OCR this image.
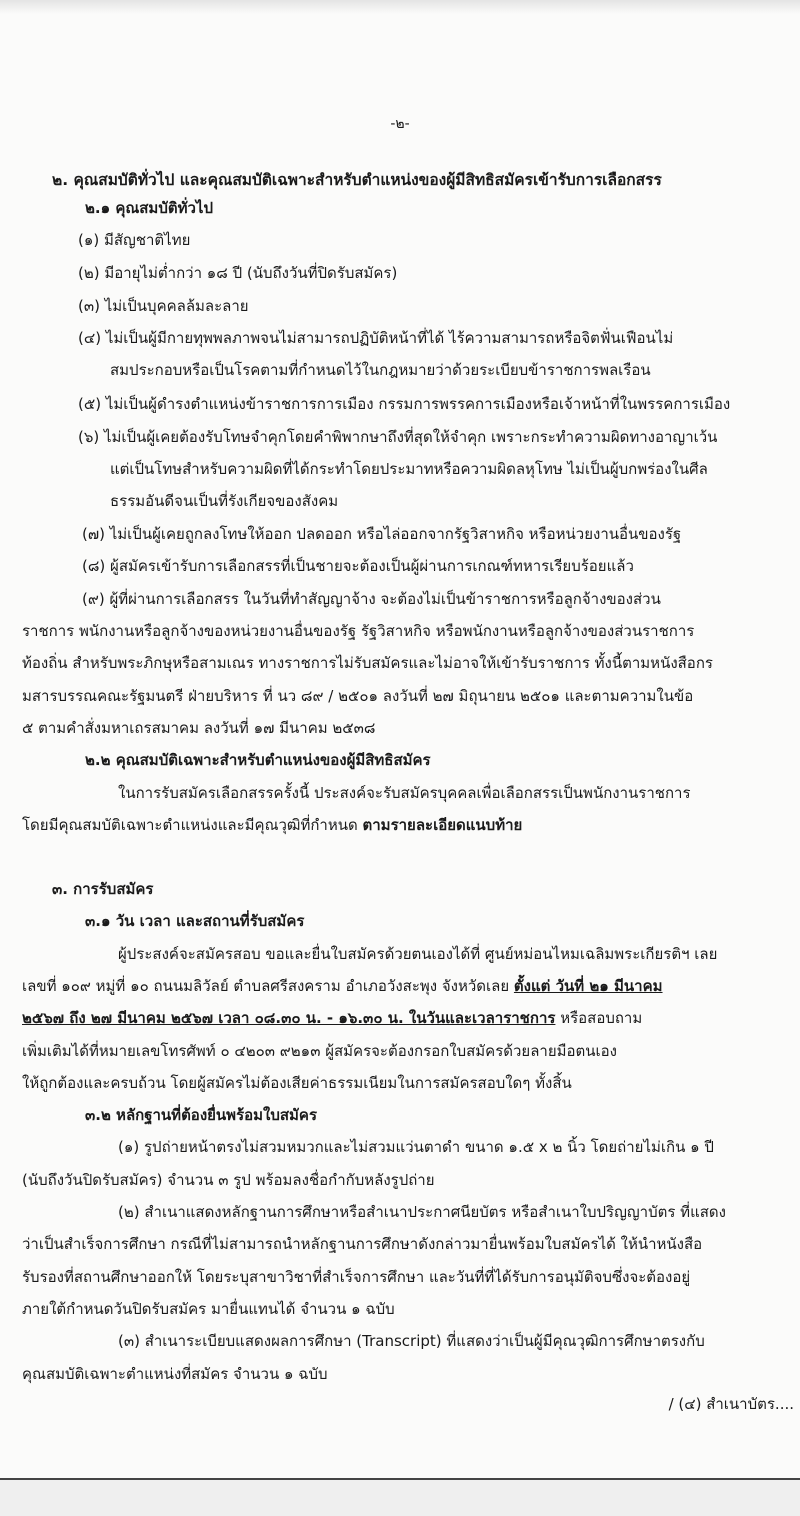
-๒-
๒. คุณสมบัติทั่วไป และคุณสมบัติเฉพาะสำหรับตำแหน่งของผู้มีสิทธิสมัครเข้ารับการเลือกสรร
๒.๑ คุณสมบัติทั่วไป
(๑) มีสัญชาติไทย
(๒) มีอายุไม่ต่ำกว่า ๑๘ ปี (นับถึงวันที่ปิดรับสมัคร)
(๓) ไม่เป็นบุคคลล้มละลาย
(๔) ไม่เป็นผู้มีกายทุพพลภาพจนไม่สามารถปฏิบัติหน้าที่ได้ ไร้ความสามารถหรือจิตฟั่นเฟือนไม่
สมประกอบหรือเป็นโรคตามที่กำหนดไว้ในกฎหมายว่าด้วยระเบียบข้าราชการพลเรือน
(๕) ไม่เป็นผู้ดำรงตำแหน่งข้าราชการการเมือง กรรมการพรรคการเมืองหรือเจ้าหน้าที่ในพรรคการเมือง
(๖) ไม่เป็นผู้เคยต้องรับโทษจำคุกโดยคำพิพากษาถึงที่สุดให้จำคุก เพราะกระทำความผิดทางอาญาเว้น
แต่เป็นโทษสำหรับความผิดที่ได้กระทำโดยประมาทหรือความผิดลหุโทษ ไม่เป็นผู้บกพร่องในศีล
ธรรมอันดีจนเป็นที่รังเกียจของสังคม
(๗) ไม่เป็นผู้เคยถูกลงโทษให้ออก ปลดออก หรือไล่ออกจากรัฐวิสาหกิจ หรือหน่วยงานอื่นของรัฐ
(๘) ผู้สมัครเข้ารับการเลือกสรรที่เป็นชายจะต้องเป็นผู้ผ่านการเกณฑ์ทหารเรียบร้อยแล้ว
(๙) ผู้ที่ผ่านการเลือกสรร ในวันที่ทำสัญญาจ้าง จะต้องไม่เป็นข้าราชการหรือลูกจ้างของส่วน
ราชการ พนักงานหรือลูกจ้างของหน่วยงานอื่นของรัฐ รัฐวิสาหกิจ หรือพนักงานหรือลูกจ้างของส่วนราชการ
ท้องถิ่น สำหรับพระภิกษุหรือสามเณร ทางราชการไม่รับสมัครและไม่อาจให้เข้ารับราชการ ทั้งนี้ตามหนังสือกร
มสารบรรณคณะรัฐมนตรี ฝ่ายบริหาร ที่ นว ๘๙ / ๒๕๐๑ ลงวันที่ ๒๗ มิถุนายน ๒๕๐๑ และตามความในข้อ
๕ ตามคำสั่งมหาเถรสมาคม ลงวันที่ ๑๗ มีนาคม ๒๕๓๘
๒.๒ คุณสมบัติเฉพาะสำหรับตำแหน่งของผู้มีสิทธิสมัคร
ในการรับสมัครเลือกสรรครั้งนี้ ประสงค์จะรับสมัครบุคคลเพื่อเลือกสรรเป็นพนักงานราชการ
โดยมีคุณสมบัติเฉพาะตำแหน่งและมีคุณวุฒิที่กำหนด ตามรายละเอียดแนบท้าย
๓. การรับสมัคร
๓.๑ วัน เวลา และสถานที่รับสมัคร
ผู้ประสงค์จะสมัครสอบ ขอและยื่นใบสมัครด้วยตนเองได้ที่ ศูนย์หม่อนไหมเฉลิมพระเกียรติฯ เลย
เลขที่ ๑๐๙ หมู่ที่ ๑๐ ถนนมลิวัลย์ ตำบลศรีสงคราม อำเภอวังสะพุง จังหวัดเลย ตั้งแต่ วันที่ ๒๑ มีนาคม
๒๕๖๗ ถึง ๒๗ มีนาคม ๒๕๖๗ เวลา ๐๘.๓๐ น. - ๑๖.๓๐ น. ในวันและเวลาราชการ หรือสอบถาม
เพิ่มเติมได้ที่หมายเลขโทรศัพท์ ๐ ๔๒๐๓ ๙๒๑๓ ผู้สมัครจะต้องกรอกใบสมัครด้วยลายมือตนเอง
ให้ถูกต้องและครบถ้วน โดยผู้สมัครไม่ต้องเสียค่าธรรมเนียมในการสมัครสอบใดๆ ทั้งสิ้น
๓.๒ หลักฐานที่ต้องยื่นพร้อมใบสมัคร
(๑) รูปถ่ายหน้าตรงไม่สวมหมวกและไม่สวมแว่นตาดำ ขนาด ๑.๕ x ๒ นิ้ว โดยถ่ายไม่เกิน ๑ ปี
(นับถึงวันปิดรับสมัคร) จำนวน ๓ รูป พร้อมลงชื่อกำกับหลังรูปถ่าย
(๒) สำเนาแสดงหลักฐานการศึกษาหรือสำเนาประกาศนียบัตร หรือสำเนาใบปริญญาบัตร ที่แสดง
ว่าเป็นสำเร็จการศึกษา กรณีที่ไม่สามารถนำหลักฐานการศึกษาดังกล่าวมายื่นพร้อมใบสมัครได้ ให้นำหนังสือ
รับรองที่สถานศึกษาออกให้ โดยระบุสาขาวิชาที่สำเร็จการศึกษา และวันที่ที่ได้รับการอนุมัติจบซึ่งจะต้องอยู่
ภายใต้กำหนดวันปิดรับสมัคร มายื่นแทนได้ จำนวน ๑ ฉบับ
(๓) สำเนาระเบียบแสดงผลการศึกษา (Transcript) ที่แสดงว่าเป็นผู้มีคุณวุฒิการศึกษาตรงกับ
คุณสมบัติเฉพาะตำแหน่งที่สมัคร จำนวน ๑ ฉบับ
/ (๔) สำเนาบัตร....
